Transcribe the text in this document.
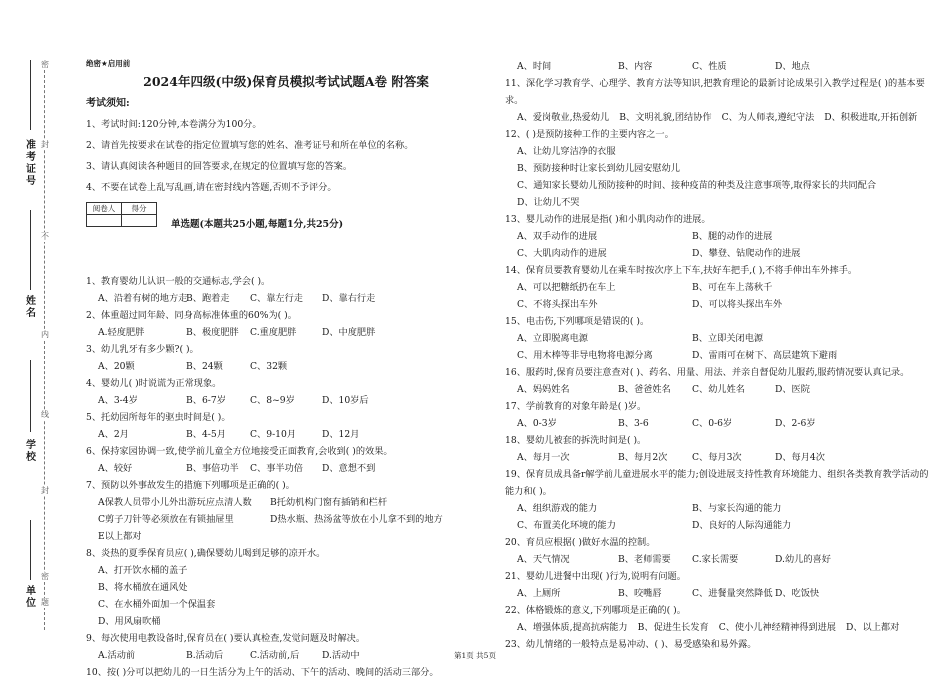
准考证号
姓名
学校
单位
密
封
不
内
线
封
密
题
绝密★启用前
2024年四级(中级)保育员模拟考试试题A卷 附答案
考试须知:
1、考试时间:120分钟,本卷满分为100分。
2、请首先按要求在试卷的指定位置填写您的姓名、准考证号和所在单位的名称。
3、请认真阅读各种题目的回答要求,在规定的位置填写您的答案。
4、不要在试卷上乱写乱画,请在密封线内答题,否则不予评分。
阅卷人	得分

单选题(本题共25小题,每题1分,共25分)
1、教育婴幼儿认识一般的交通标志,学会( )。
A、沿着有树的地方走
B、跑着走	C、靠左行走	D、靠右行走
2、体重超过同年龄、同身高标准体重的60%为( )。
A.轻度肥胖	B、极度肥胖	C.重度肥胖	D、中度肥胖
3、幼儿乳牙有多少颗?( )。
A、20颗	B、24颗	C、32颗
4、婴幼儿( )时说谎为正常现象。
A、3-4岁	B、6-7岁	C、8~9岁	D、10岁后
5、托幼园所每年的驱虫时间是( )。
A、2月	B、4-5月	C、9-10月	D、12月
6、保持家园协调一致,使学前儿童全方位地接受正面教育,会收到( )的效果。
A、较好	B、事倍功半	C、事半功倍	D、意想不到
7、预防以外事故发生的措施下列哪项是正确的( )。
A保教人员带小儿外出游玩应点清人数	B托幼机构门窗有插销和栏杆
C剪子刀针等必须放在有锁抽屉里	D热水瓶、热汤盆等放在小儿拿不到的地方
E以上都对
8、炎热的夏季保育员应( ),确保婴幼儿喝到足够的凉开水。
A、打开饮水桶的盖子
B、将水桶放在通风处
C、在水桶外面加一个保温套
D、用风扇吹桶
9、每次使用电教设备时,保育员在( )要认真检查,发觉问题及时解决。
A.活动前	B.活动后	C.活动前,后	D.活动中
10、按( )分可以把幼儿的一日生活分为上午的活动、下午的活动、晚间的活动三部分。
A、时间	B、内容	C、性质	D、地点
11、深化学习教育学、心理学、教育方法等知识,把教育理论的最新讨论成果引入教学过程是( )的基本要求。
A、爱岗敬业,热爱幼儿 B、文明礼貌,团结协作 C、为人师表,遵纪守法 D、积极进取,开拓创新
12、( )是预防接种工作的主要内容之一。
A、让幼儿穿洁净的衣服
B、预防接种时让家长到幼儿园安慰幼儿
C、通知家长婴幼儿预防接种的时间、接种疫苗的种类及注意事项等,取得家长的共同配合
D、让幼儿不哭
13、婴儿动作的进展是指( )和小肌肉动作的进展。
A、双手动作的进展	B、腿的动作的进展
C、大肌肉动作的进展	D、攀登、钻爬动作的进展
14、保育员要教育婴幼儿在乘车时按次序上下车,扶好车把手,( ),不将手伸出车外摔手。
A、可以把糖纸扔在车上	B、可在车上荡秋千
C、不将头探出车外	D、可以将头探出车外
15、电击伤,下列哪项是错误的( )。
A、立即脱离电源	B、立即关闭电源
C、用木棒等非导电物将电源分离	D、雷雨可在树下、高层建筑下避雨
16、服药时,保育员要注意查对( )、药名、用量、用法、并亲自督促幼儿服药,服药情况要认真记录。
A、妈妈姓名	B、爸爸姓名	C、幼儿姓名	D、医院
17、学前教育的对象年龄是( )岁。
A、0-3岁	B、3-6	C、0-6岁	D、2-6岁
18、婴幼儿被套的拆洗时间是( )。
A、每月一次	B、每月2次	C、每月3次	D、每月4次
19、保育员成具备r解学前儿童进展水平的能力;创设进展支持性教育环境能力、组织各类教育教学活动的能力和( )。
A、组织游戏的能力	B、与家长沟通的能力
C、布置美化环境的能力	D、良好的人际沟通能力
20、育员应根据( )做好水温的控制。
A、天气情况	B、老师需要	C.家长需要	D.幼儿的喜好
21、婴幼儿进餐中出现( )行为,说明有问题。
A、上厕所	B、咬嘴唇	C、进餐量突然降低 D、吃饭快
22、体格锻炼的意义,下列哪项是正确的( )。
A、增强体质,提高抗病能力 B、促进生长发育 C、使小儿神经精神得到进展 D、以上都对
23、幼儿情绪的一般特点是易冲动、( )、易受感染和易外露。
第1页 共5页
